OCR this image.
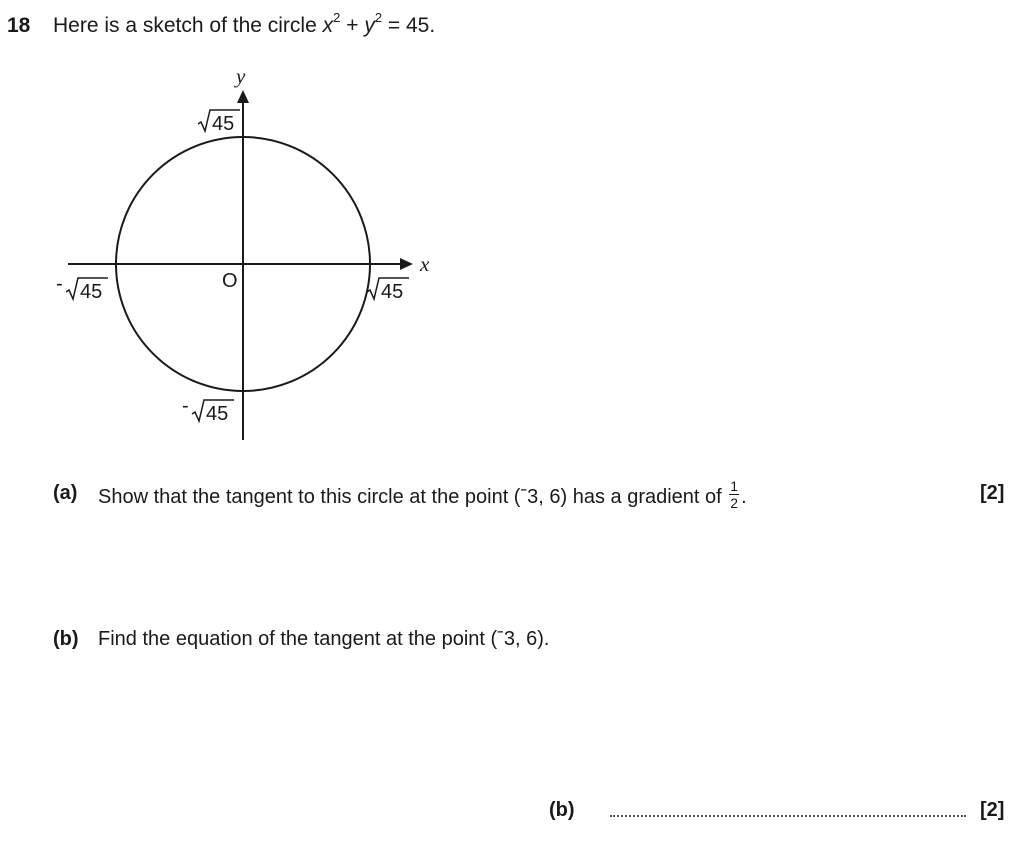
18 Here is a sketch of the circle $x^2 + y^2 = 45$.
y
x
O
45
45
- 45
- 45
(a) Show that the tangent to this circle at the point (ˉ3, 6) has a gradient of $\frac{1}{2}$ .	[2]
(b) Find the equation of the tangent at the point (ˉ3, 6).
(b)	[2]
